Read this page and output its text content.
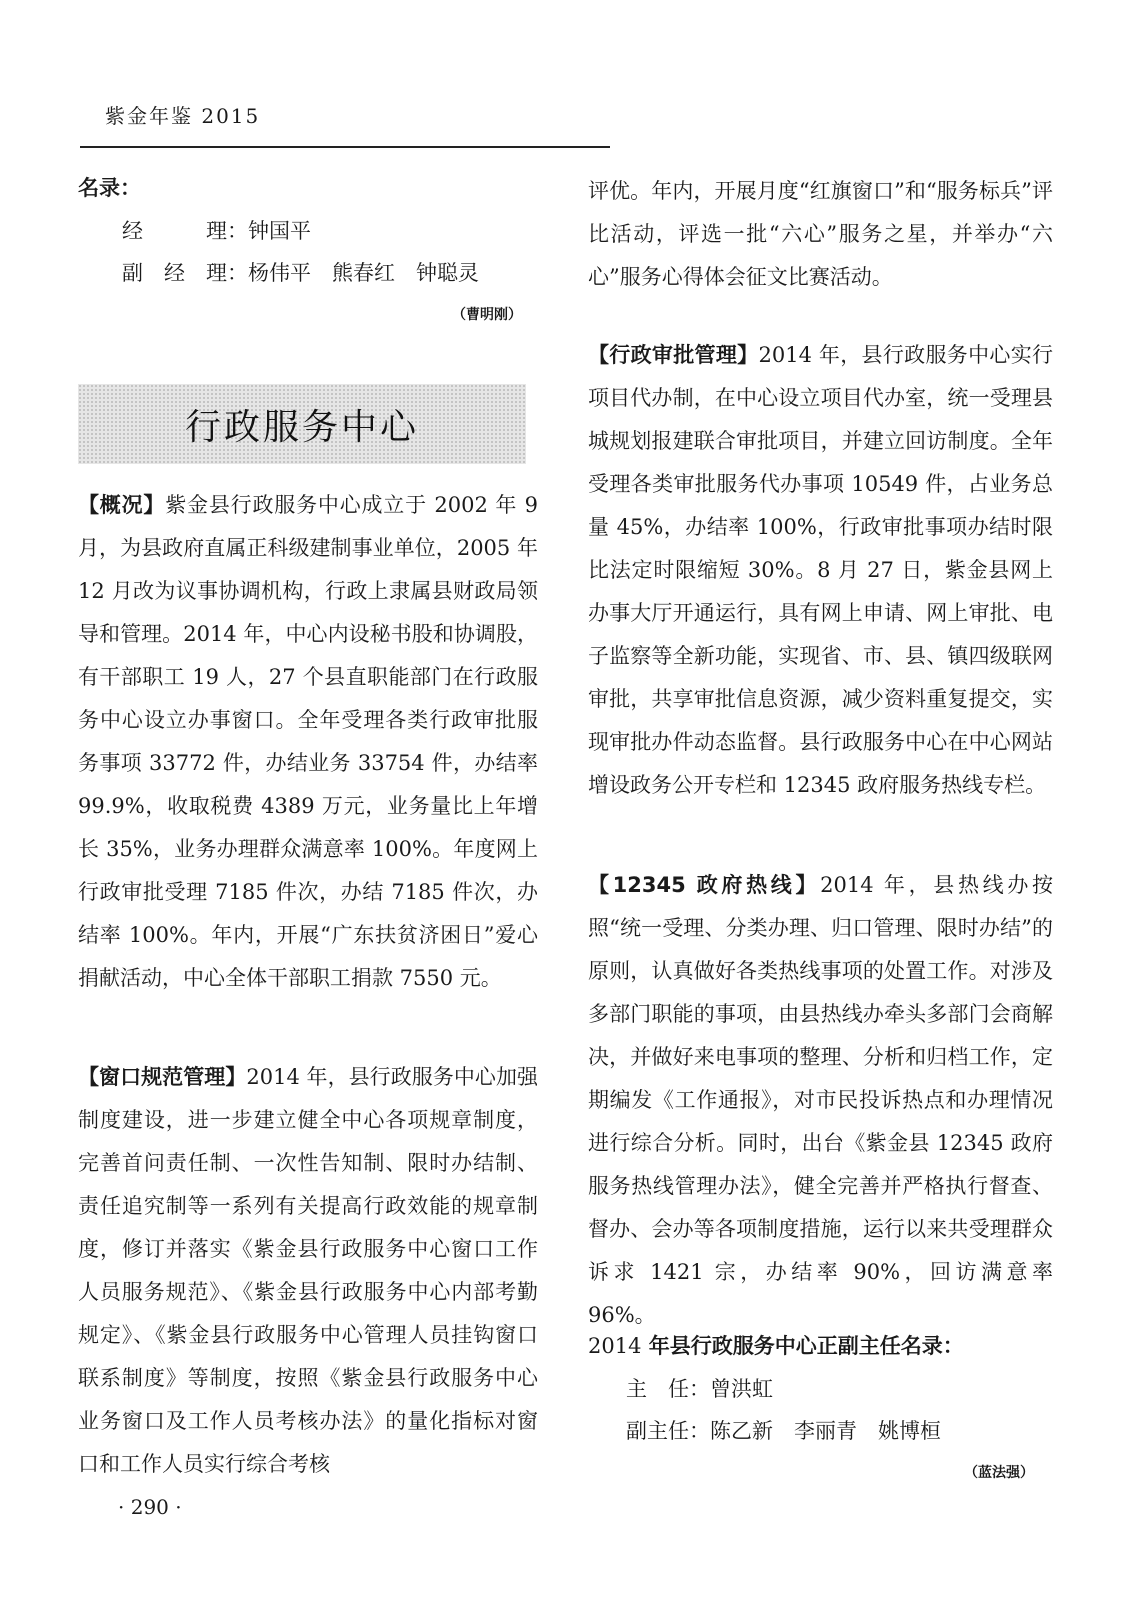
紫金年鉴 2015
名录：
经　　　理：钟国平
副　经　理：杨伟平　熊春红　钟聪灵
（曹明刚）
行政服务中心

【概况】紫金县行政服务中心成立于 2002 年 9 月，为县政府直属正科级建制事业单位，2005 年 12 月改为议事协调机构，行政上隶属县财政局领导和管理。2014 年，中心内设秘书股和协调股，有干部职工 19 人，27 个县直职能部门在行政服务中心设立办事窗口。全年受理各类行政审批服务事项 33772 件，办结业务 33754 件，办结率 99.9%，收取税费 4389 万元，业务量比上年增长 35%，业务办理群众满意率 100%。年度网上行政审批受理 7185 件次，办结 7185 件次，办结率 100%。年内，开展“广东扶贫济困日”爱心捐献活动，中心全体干部职工捐款 7550 元。

【窗口规范管理】2014 年，县行政服务中心加强制度建设，进一步建立健全中心各项规章制度，完善首问责任制、一次性告知制、限时办结制、责任追究制等一系列有关提高行政效能的规章制度，修订并落实《紫金县行政服务中心窗口工作人员服务规范》、《紫金县行政服务中心内部考勤规定》、《紫金县行政服务中心管理人员挂钩窗口联系制度》等制度，按照《紫金县行政服务中心业务窗口及工作人员考核办法》的量化指标对窗口和工作人员实行综合考核

评优。年内，开展月度“红旗窗口”和“服务标兵”评比活动，评选一批“六心”服务之星，并举办“六心”服务心得体会征文比赛活动。

【行政审批管理】2014 年，县行政服务中心实行项目代办制，在中心设立项目代办室，统一受理县城规划报建联合审批项目，并建立回访制度。全年受理各类审批服务代办事项 10549 件，占业务总量 45%，办结率 100%，行政审批事项办结时限比法定时限缩短 30%。8 月 27 日，紫金县网上办事大厅开通运行，具有网上申请、网上审批、电子监察等全新功能，实现省、市、县、镇四级联网审批，共享审批信息资源，减少资料重复提交，实现审批办件动态监督。县行政服务中心在中心网站增设政务公开专栏和 12345 政府服务热线专栏。

【12345 政府热线】2014 年，县热线办按照“统一受理、分类办理、归口管理、限时办结”的原则，认真做好各类热线事项的处置工作。对涉及多部门职能的事项，由县热线办牵头多部门会商解决，并做好来电事项的整理、分析和归档工作，定期编发《工作通报》，对市民投诉热点和办理情况进行综合分析。同时，出台《紫金县 12345 政府服务热线管理办法》，健全完善并严格执行督查、督办、会办等各项制度措施，运行以来共受理群众诉求 1421 宗，办结率 90%，回访满意率 96%。

2014 年县行政服务中心正副主任名录：
主　任：曾洪虹
副主任：陈乙新　李丽青　姚博桓
（蓝法强）
· 290 ·
